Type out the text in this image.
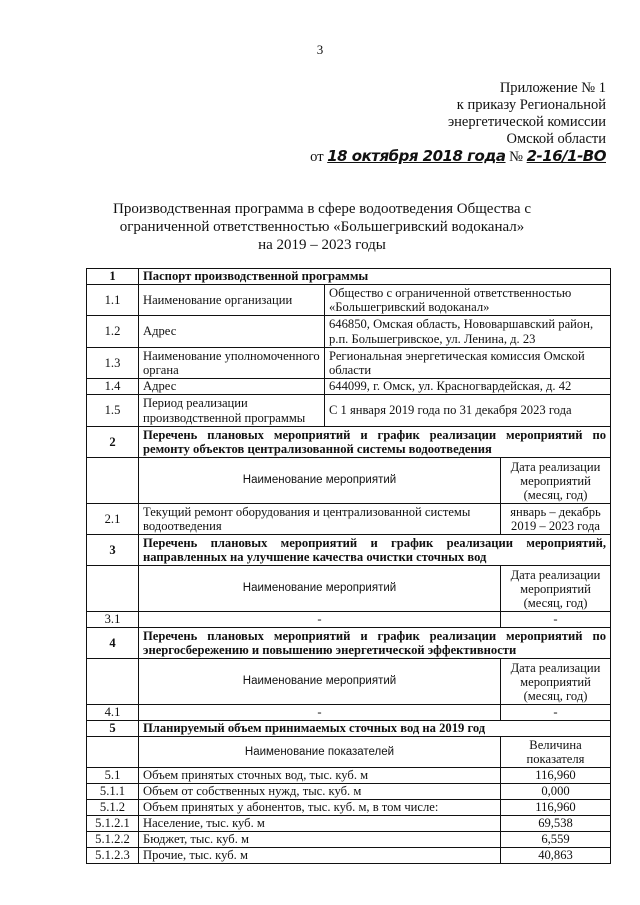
3
Приложение № 1
к приказу Региональной
энергетической комиссии
Омской области
от 18 октября 2018 года № 2-16/1-ВО
Производственная программа в сфере водоотведения Общества с
ограниченной ответственностью «Большегривский водоканал»
на 2019 – 2023 годы
1	Паспорт производственной программы		
1.1	Наименование организации	Общество с ограниченной ответственностью «Большегривский водоканал»	
1.2	Адрес	646850, Омская область, Нововаршавский район, р.п. Большегривское, ул. Ленина, д. 23	
1.3	Наименование уполномоченного органа	Региональная энергетическая комиссия Омской области	
1.4	Адрес	644099, г. Омск, ул. Красногвардейская, д. 42	
1.5	Период реализации производственной программы	С 1 января 2019 года по 31 декабря 2023 года	
2	Перечень плановых мероприятий и график реализации мероприятий по ремонту объектов централизованной системы водоотведения		
	Наименование мероприятий		Дата реализации мероприятий (месяц, год)
2.1	Текущий ремонт оборудования и централизованной системы водоотведения		январь – декабрь 2019 – 2023 года
3	Перечень плановых мероприятий и график реализации мероприятий, направленных на улучшение качества очистки сточных вод		
	Наименование мероприятий		Дата реализации мероприятий (месяц, год)
3.1	-		-
4	Перечень плановых мероприятий и график реализации мероприятий по энергосбережению и повышению энергетической эффективности		
	Наименование мероприятий		Дата реализации мероприятий (месяц, год)
4.1	-		-
5	Планируемый объем принимаемых сточных вод на 2019 год		
	Наименование показателей		Величина показателя
5.1	Объем принятых сточных вод, тыс. куб. м		116,960
5.1.1	Объем от собственных нужд, тыс. куб. м		0,000
5.1.2	Объем принятых у абонентов, тыс. куб. м, в том числе:		116,960
5.1.2.1	Население, тыс. куб. м		69,538
5.1.2.2	Бюджет, тыс. куб. м		6,559
5.1.2.3	Прочие, тыс. куб. м		40,863
